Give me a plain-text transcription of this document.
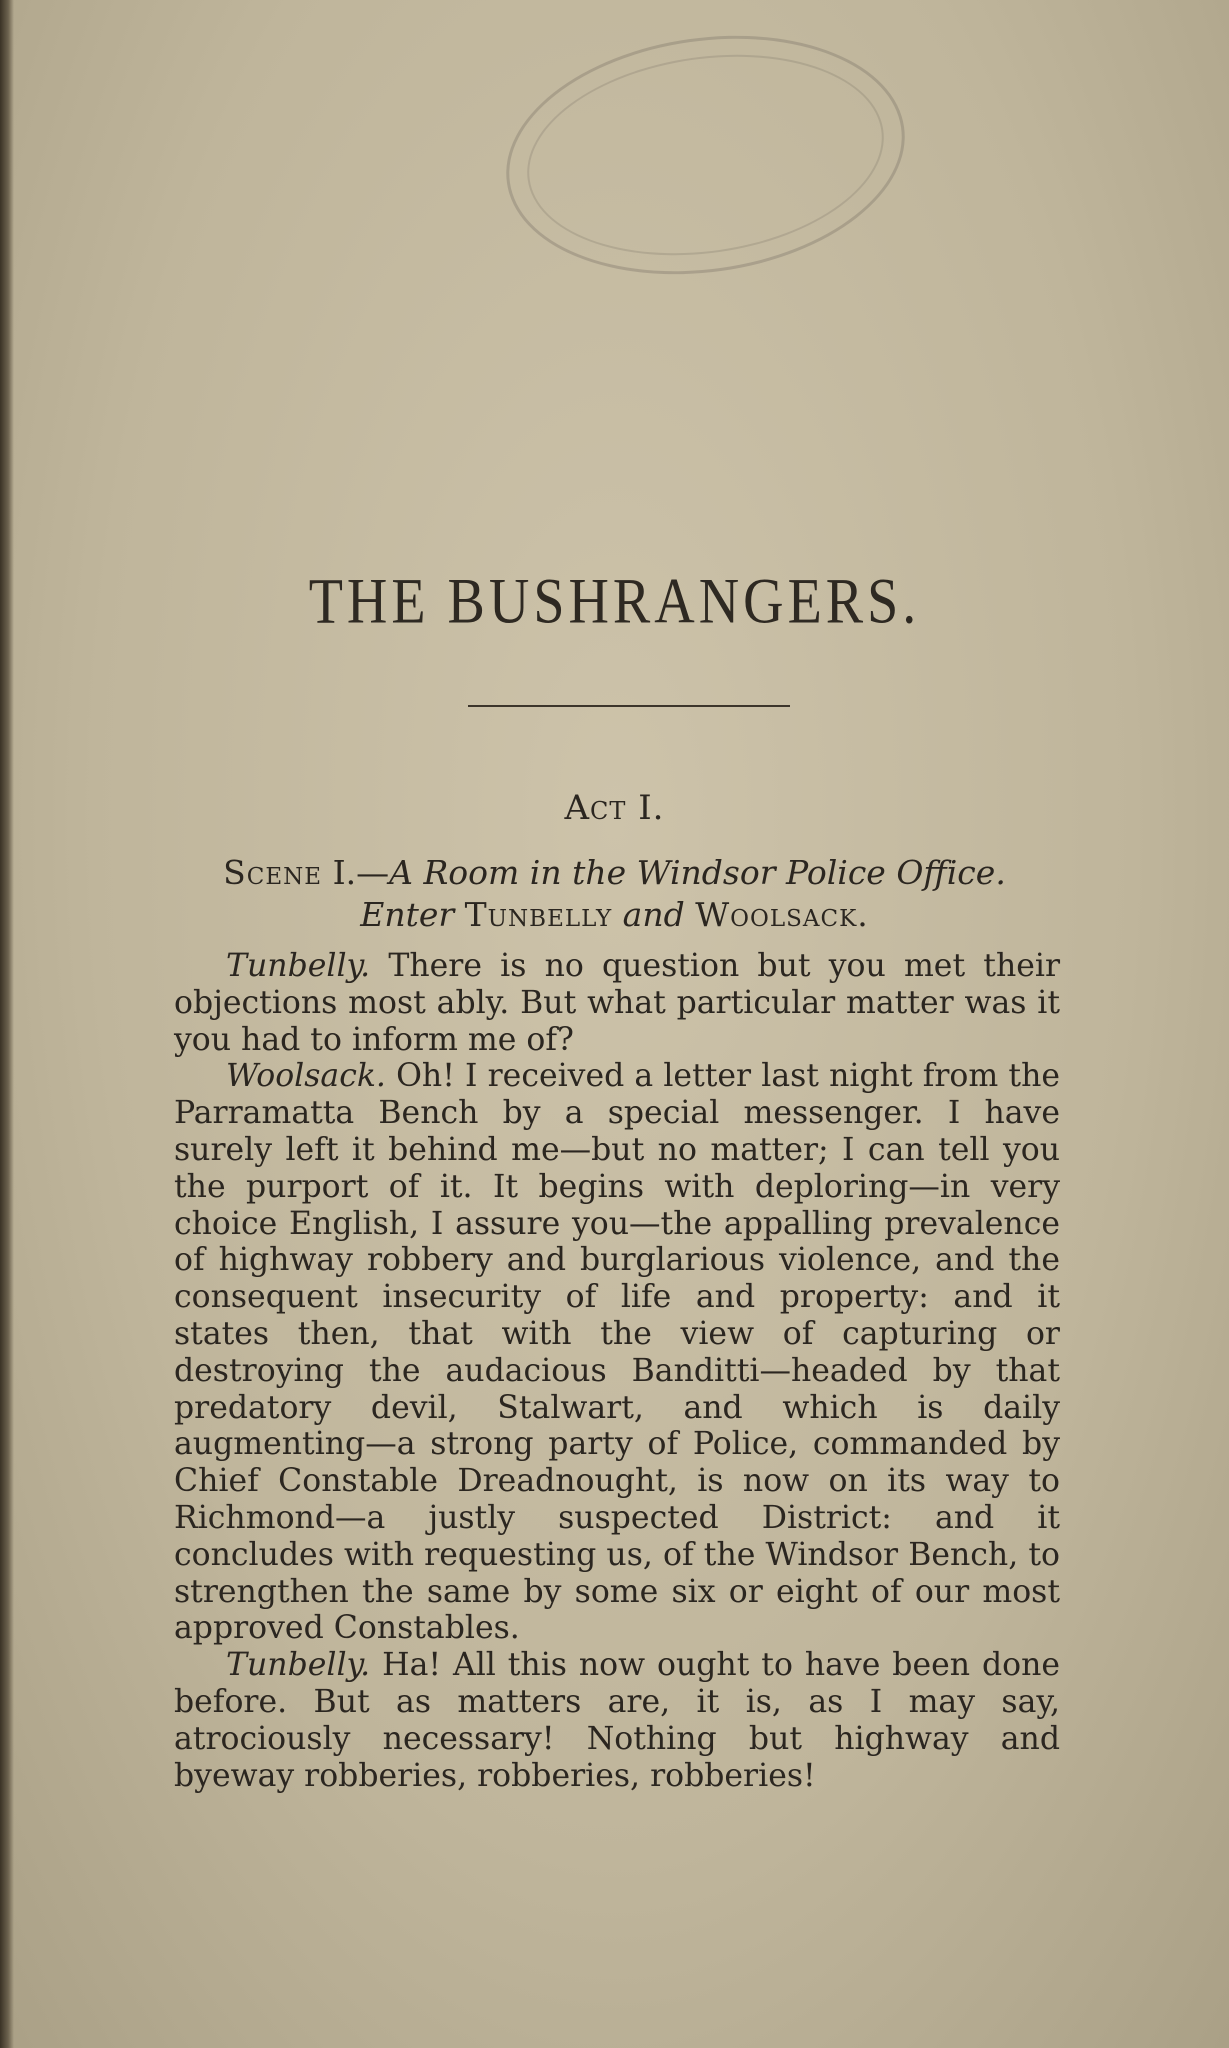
THE BUSHRANGERS.
Act I.
Scene I.—A Room in the Windsor Police Office.
Enter Tunbelly and Woolsack.

Tunbelly. There is no question but you met their objections most ably. But what particular matter was it you had to inform me of?

Woolsack. Oh! I received a letter last night from the Parramatta Bench by a special messenger. I have surely left it behind me—but no matter; I can tell you the purport of it. It begins with deploring—in very choice English, I assure you—the appalling prevalence of highway robbery and burglarious violence, and the consequent insecurity of life and property: and it states then, that with the view of capturing or destroying the audacious Banditti—headed by that predatory devil, Stalwart, and which is daily augmenting—a strong party of Police, commanded by Chief Constable Dreadnought, is now on its way to Richmond—a justly suspected District: and it concludes with requesting us, of the Windsor Bench, to strengthen the same by some six or eight of our most approved Constables.

Tunbelly. Ha! All this now ought to have been done before. But as matters are, it is, as I may say, atrociously necessary! Nothing but highway and byeway robberies, robberies, robberies!
